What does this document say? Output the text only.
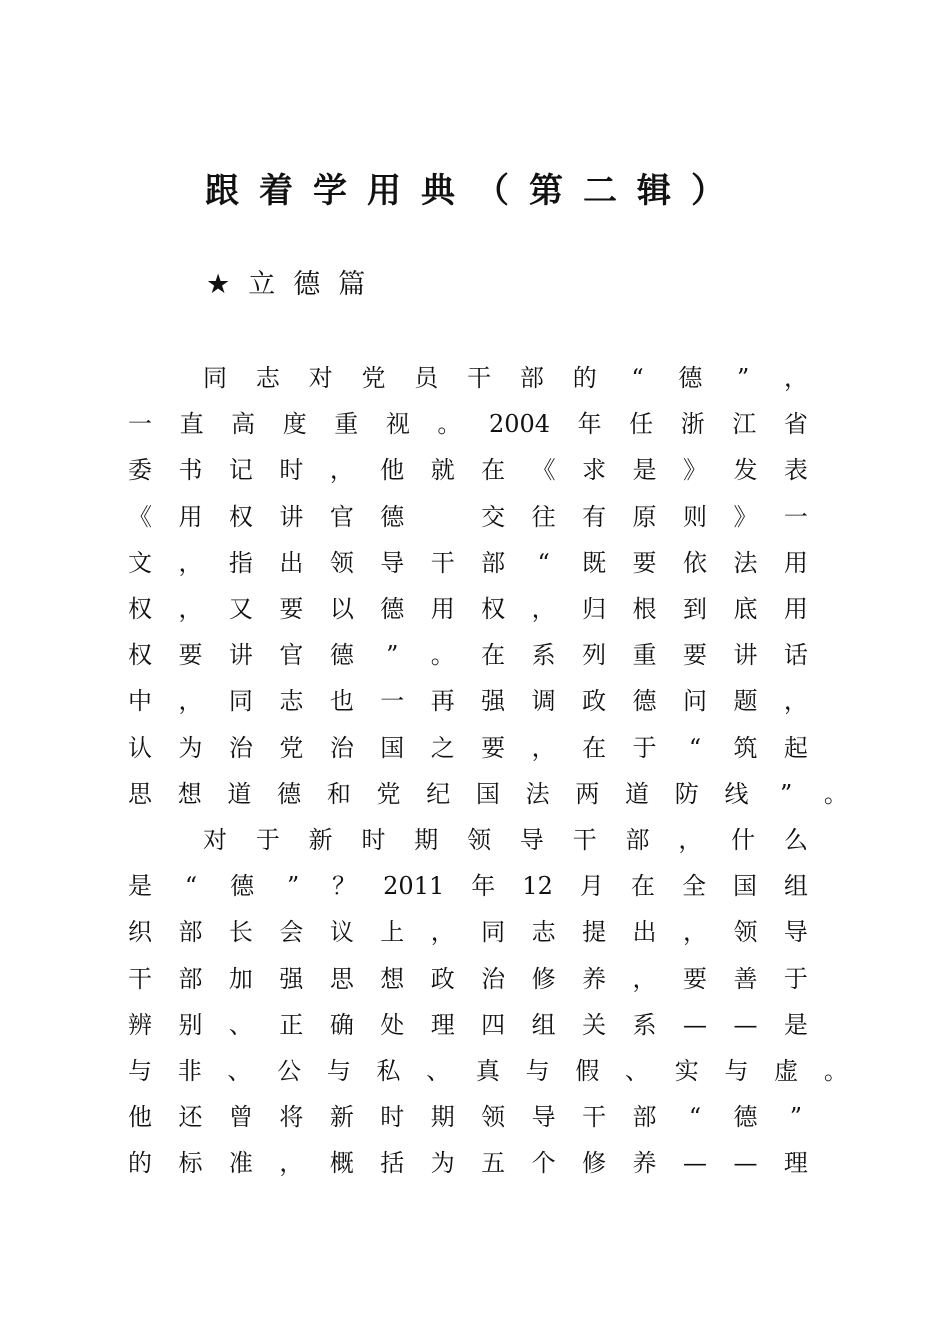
跟着学用典（第二辑）
★立德篇
同 志 对 党 员 干 部 的 “ 德 ” ，
一 直 高 度 重 视 。 2004 年 任 浙 江 省
委 书 记 时 ， 他 就 在 《 求 是 》 发 表
《 用 权 讲 官 德
	交 往 有 原 则 》 一
文 ， 指 出 领 导 干 部 “ 既 要 依 法 用
权 ， 又 要 以 德 用 权 ， 归 根 到 底 用
权 要 讲 官 德 ” 。 在 系 列 重 要 讲 话
中 ， 同 志 也 一 再 强 调 政 德 问 题 ，
认 为 治 党 治 国 之 要 ， 在 于 “ 筑 起
思 想 道 德 和 党 纪 国 法 两 道 防 线 ” 。
对 于 新 时 期 领 导 干 部 ， 什 么
是 “ 德 ” ？ 2011 年 12 月 在 全 国 组
织 部 长 会 议 上 ， 同 志 提 出 ， 领 导
干 部 加 强 思 想 政 治 修 养 ， 要 善 于
辨 别 、 正 确 处 理 四 组 关 系 — — 是
与 非 、 公 与 私 、 真 与 假 、 实 与 虚 。
他 还 曾 将 新 时 期 领 导 干 部 “ 德 ”
的 标 准 ， 概 括 为 五 个 修 养 — — 理
